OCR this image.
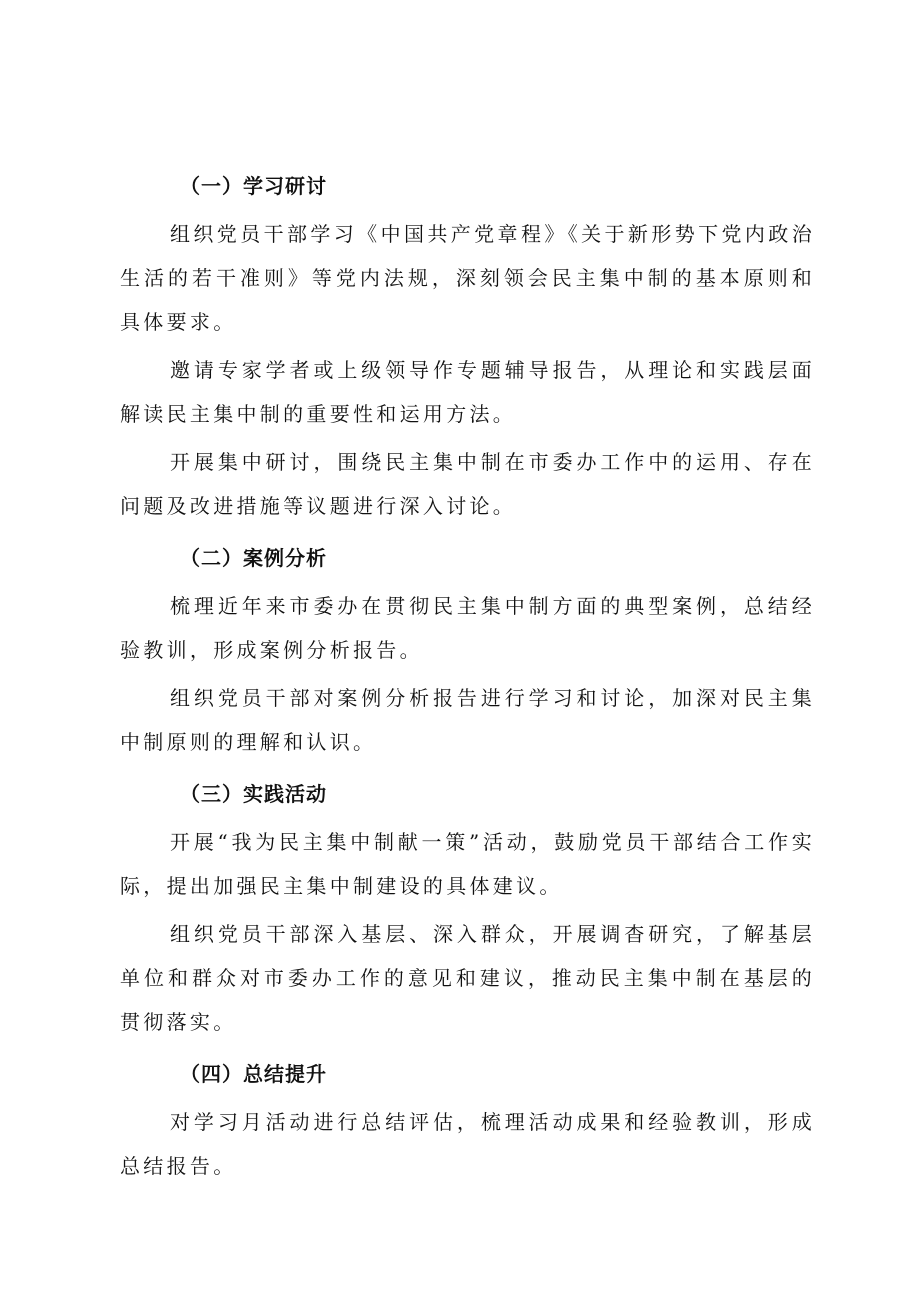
（一）学习研讨

组织党员干部学习《中国共产党章程》《关于新形势下党内政治生活的若干准则》等党内法规，深刻领会民主集中制的基本原则和具体要求。

邀请专家学者或上级领导作专题辅导报告，从理论和实践层面解读民主集中制的重要性和运用方法。

开展集中研讨，围绕民主集中制在市委办工作中的运用、存在问题及改进措施等议题进行深入讨论。

（二）案例分析

梳理近年来市委办在贯彻民主集中制方面的典型案例，总结经验教训，形成案例分析报告。

组织党员干部对案例分析报告进行学习和讨论，加深对民主集中制原则的理解和认识。

（三）实践活动

开展“我为民主集中制献一策”活动，鼓励党员干部结合工作实际，提出加强民主集中制建设的具体建议。

组织党员干部深入基层、深入群众，开展调杳研究，了解基层单位和群众对市委办工作的意见和建议，推动民主集中制在基层的贯彻落实。

（四）总结提升

对学习月活动进行总结评估，梳理活动成果和经验教训，形成总结报告。
